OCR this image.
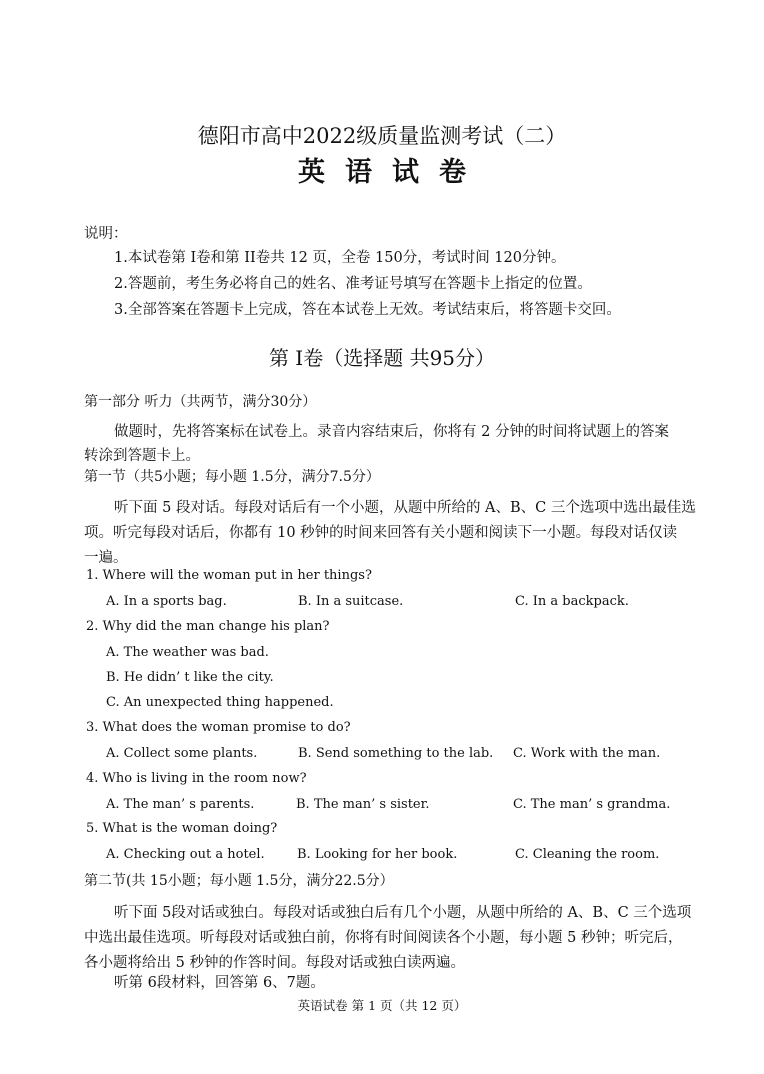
德阳市高中2022级质量监测考试（二）
英语试卷
说明：
1.本试卷第 I卷和第 II卷共 12 页，全卷 150分，考试时间 120分钟。
2.答题前，考生务必将自己的姓名、准考证号填写在答题卡上指定的位置。
3.全部答案在答题卡上完成，答在本试卷上无效。考试结束后，将答题卡交回。
第 I卷（选择题 共95分）
第一部分 听力（共两节，满分30分）
做题时，先将答案标在试卷上。录音内容结束后，你将有 2 分钟的时间将试题上的答案
转涂到答题卡上。
第一节（共5小题；每小题 1.5分，满分7.5分）
听下面 5 段对话。每段对话后有一个小题，从题中所给的 A、B、C 三个选项中选出最佳选
项。听完每段对话后，你都有 10 秒钟的时间来回答有关小题和阅读下一小题。每段对话仅读
一遍。
1. Where will the woman put in her things?
A. In a sports bag.	B. In a suitcase.	C. In a backpack.
2. Why did the man change his plan?
A. The weather was bad.
B. He didn’ t like the city.
C. An unexpected thing happened.
3. What does the woman promise to do?
A. Collect some plants.	B. Send something to the lab. C. Work with the man.
4. Who is living in the room now?
A. The man’ s parents.	B. The man’ s sister.	C. The man’ s grandma.
5. What is the woman doing?
A. Checking out a hotel. B. Looking for her book.	C. Cleaning the room.
第二节(共 15小题；每小题 1.5分，满分22.5分）
听下面 5段对话或独白。每段对话或独白后有几个小题，从题中所给的 A、B、C 三个选项
中选出最佳选项。听每段对话或独白前，你将有时间阅读各个小题，每小题 5 秒钟；听完后，
各小题将给出 5 秒钟的作答时间。每段对话或独白读两遍。
听第 6段材料，回答第 6、7题。
英语试卷 第 1 页（共 12 页）
